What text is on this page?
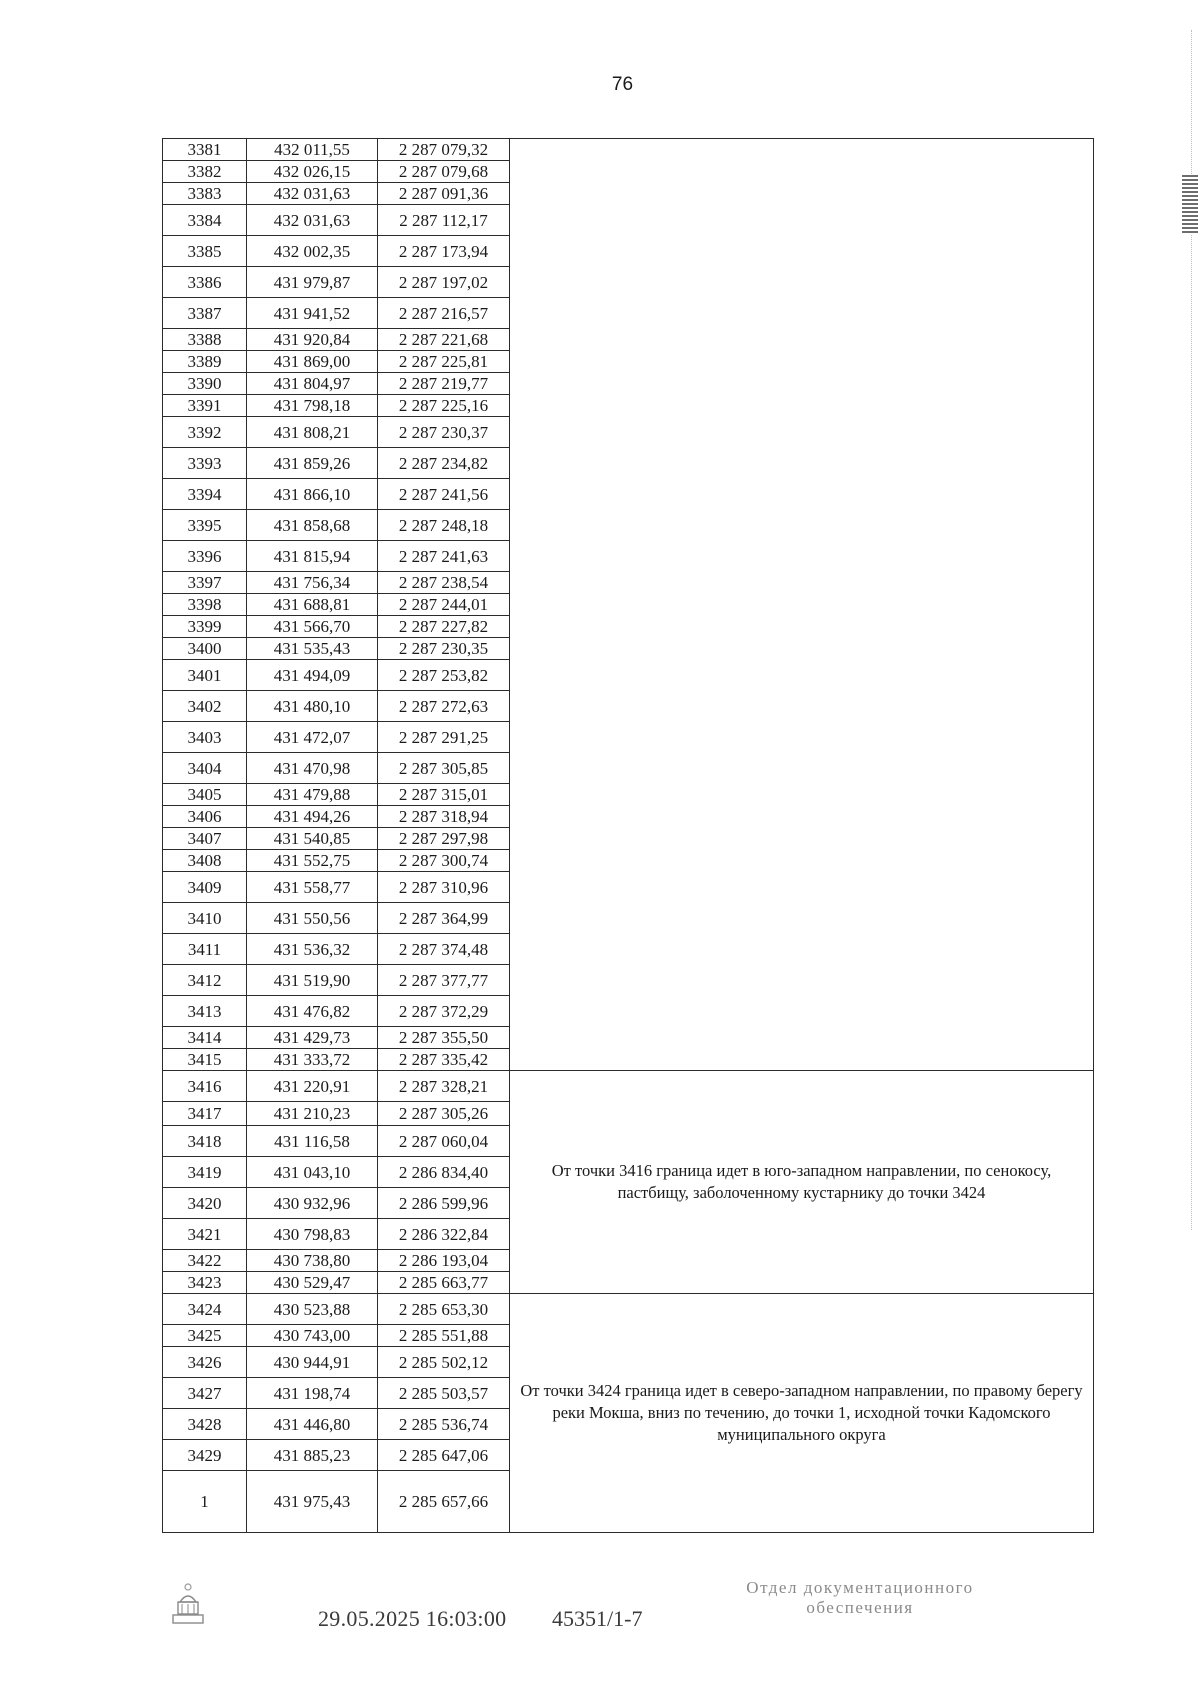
76
3381	432 011,55	2 287 079,32	
3382	432 026,15	2 287 079,68	
3383	432 031,63	2 287 091,36	
3384	432 031,63	2 287 112,17	
3385	432 002,35	2 287 173,94	
3386	431 979,87	2 287 197,02	
3387	431 941,52	2 287 216,57	
3388	431 920,84	2 287 221,68	
3389	431 869,00	2 287 225,81	
3390	431 804,97	2 287 219,77	
3391	431 798,18	2 287 225,16	
3392	431 808,21	2 287 230,37	
3393	431 859,26	2 287 234,82	
3394	431 866,10	2 287 241,56	
3395	431 858,68	2 287 248,18	
3396	431 815,94	2 287 241,63	
3397	431 756,34	2 287 238,54	
3398	431 688,81	2 287 244,01	
3399	431 566,70	2 287 227,82	
3400	431 535,43	2 287 230,35	
3401	431 494,09	2 287 253,82	
3402	431 480,10	2 287 272,63	
3403	431 472,07	2 287 291,25	
3404	431 470,98	2 287 305,85	
3405	431 479,88	2 287 315,01	
3406	431 494,26	2 287 318,94	
3407	431 540,85	2 287 297,98	
3408	431 552,75	2 287 300,74	
3409	431 558,77	2 287 310,96	
3410	431 550,56	2 287 364,99	
3411	431 536,32	2 287 374,48	
3412	431 519,90	2 287 377,77	
3413	431 476,82	2 287 372,29	
3414	431 429,73	2 287 355,50	
3415	431 333,72	2 287 335,42	
3416	431 220,91	2 287 328,21	От точки 3416 граница идет в юго-западном направлении, по сенокосу, пастбищу, заболоченному кустарнику до точки 3424
3417	431 210,23	2 287 305,26	
3418	431 116,58	2 287 060,04	
3419	431 043,10	2 286 834,40	
3420	430 932,96	2 286 599,96	
3421	430 798,83	2 286 322,84	
3422	430 738,80	2 286 193,04	
3423	430 529,47	2 285 663,77	
3424	430 523,88	2 285 653,30	От точки 3424 граница идет в северо-западном направлении, по правому берегу реки Мокша, вниз по течению, до точки 1, исходной точки Кадомского муниципального округа
3425	430 743,00	2 285 551,88	
3426	430 944,91	2 285 502,12	
3427	431 198,74	2 285 503,57	
3428	431 446,80	2 285 536,74	
3429	431 885,23	2 285 647,06	
1	431 975,43	2 285 657,66	
29.05.2025 16:03:00 45351/1-7
Отдел документационного обеспечения
